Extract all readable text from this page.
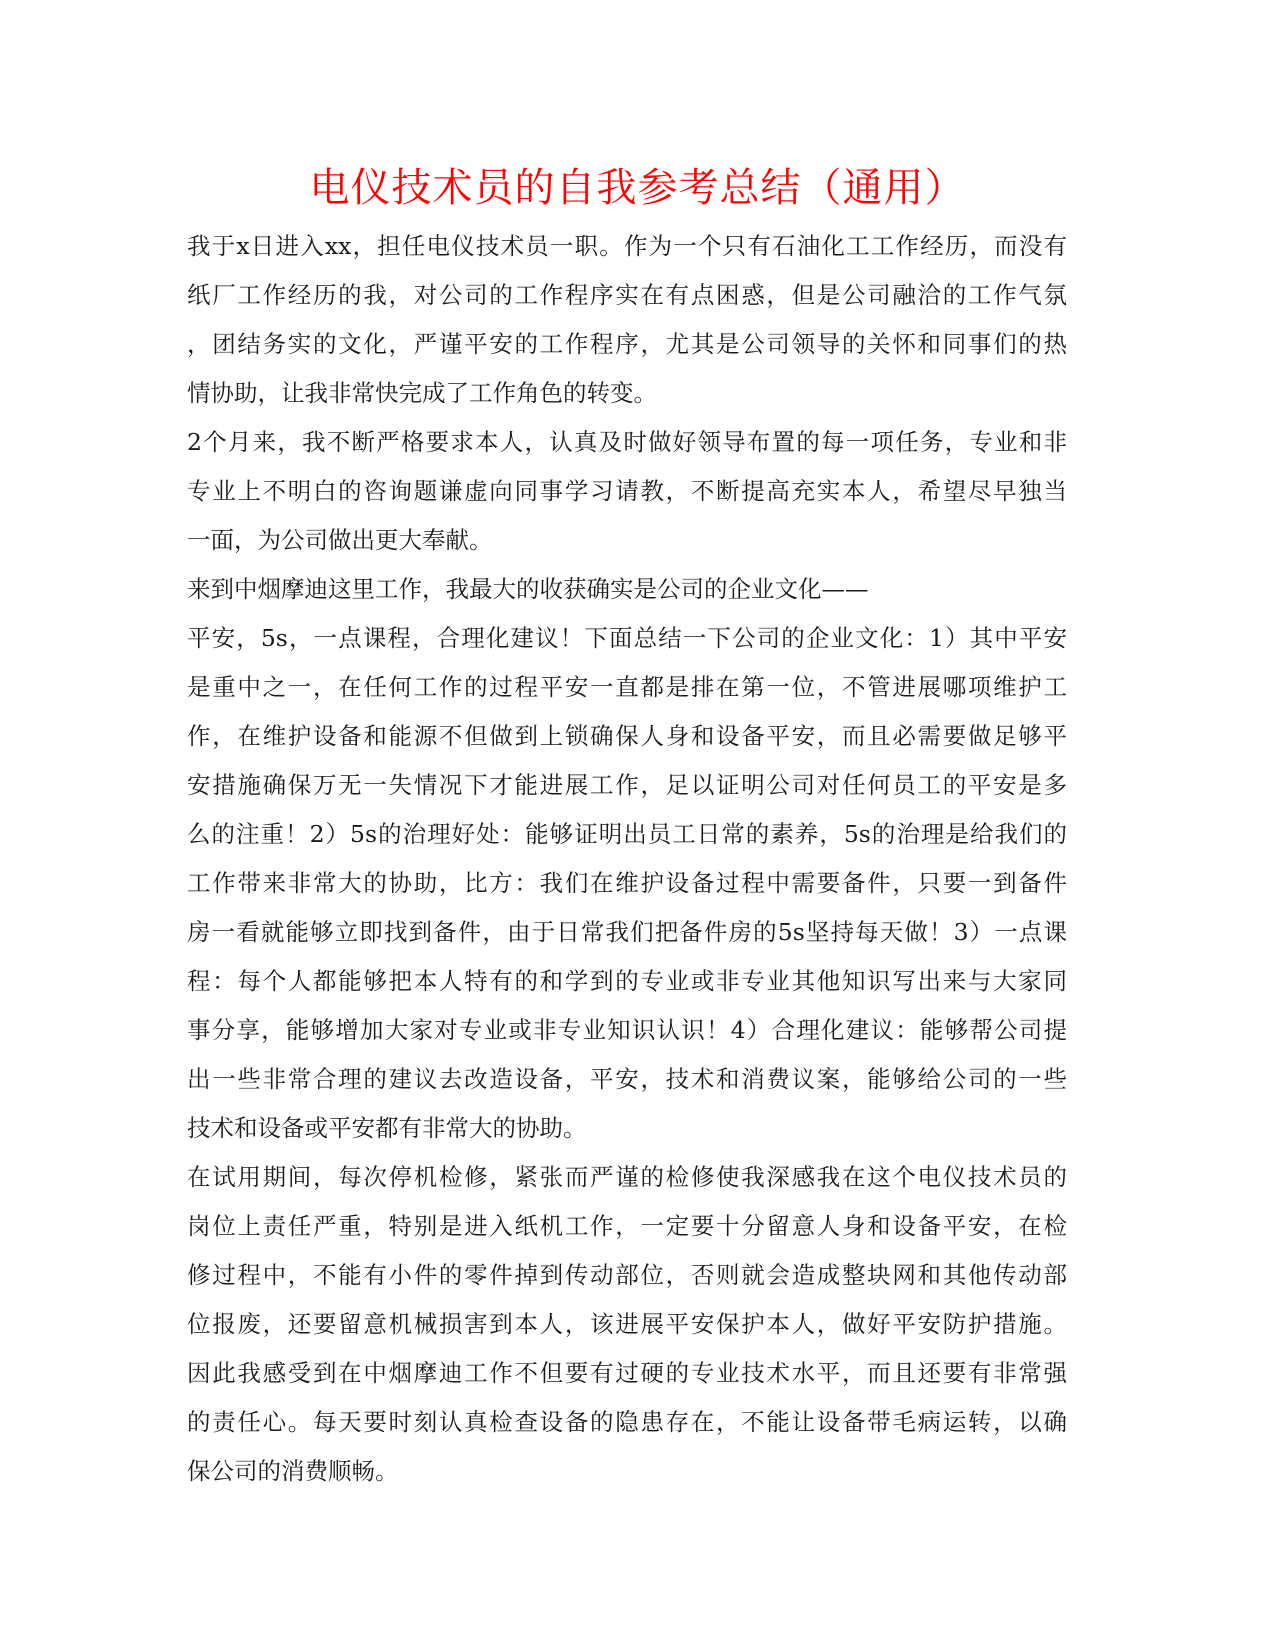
电仪技术员的自我参考总结（通用）
我于x日进入xx，担任电仪技术员一职。作为一个只有石油化工工作经历，而没有
纸厂工作经历的我，对公司的工作程序实在有点困惑，但是公司融洽的工作气氛
，团结务实的文化，严谨平安的工作程序，尤其是公司领导的关怀和同事们的热
情协助，让我非常快完成了工作角色的转变。
2个月来，我不断严格要求本人，认真及时做好领导布置的每一项任务，专业和非
专业上不明白的咨询题谦虚向同事学习请教，不断提高充实本人，希望尽早独当
一面，为公司做出更大奉献。
来到中烟摩迪这里工作，我最大的收获确实是公司的企业文化——
平安，5s，一点课程，合理化建议！下面总结一下公司的企业文化：1）其中平安
是重中之一，在任何工作的过程平安一直都是排在第一位，不管进展哪项维护工
作，在维护设备和能源不但做到上锁确保人身和设备平安，而且必需要做足够平
安措施确保万无一失情况下才能进展工作，足以证明公司对任何员工的平安是多
么的注重！2）5s的治理好处：能够证明出员工日常的素养，5s的治理是给我们的
工作带来非常大的协助，比方：我们在维护设备过程中需要备件，只要一到备件
房一看就能够立即找到备件，由于日常我们把备件房的5s坚持每天做！3）一点课
程：每个人都能够把本人特有的和学到的专业或非专业其他知识写出来与大家同
事分享，能够增加大家对专业或非专业知识认识！4）合理化建议：能够帮公司提
出一些非常合理的建议去改造设备，平安，技术和消费议案，能够给公司的一些
技术和设备或平安都有非常大的协助。
在试用期间，每次停机检修，紧张而严谨的检修使我深感我在这个电仪技术员的
岗位上责任严重，特别是进入纸机工作，一定要十分留意人身和设备平安，在检
修过程中，不能有小件的零件掉到传动部位，否则就会造成整块网和其他传动部
位报废，还要留意机械损害到本人，该进展平安保护本人，做好平安防护措施。
因此我感受到在中烟摩迪工作不但要有过硬的专业技术水平，而且还要有非常强
的责任心。每天要时刻认真检查设备的隐患存在，不能让设备带毛病运转，以确
保公司的消费顺畅。
